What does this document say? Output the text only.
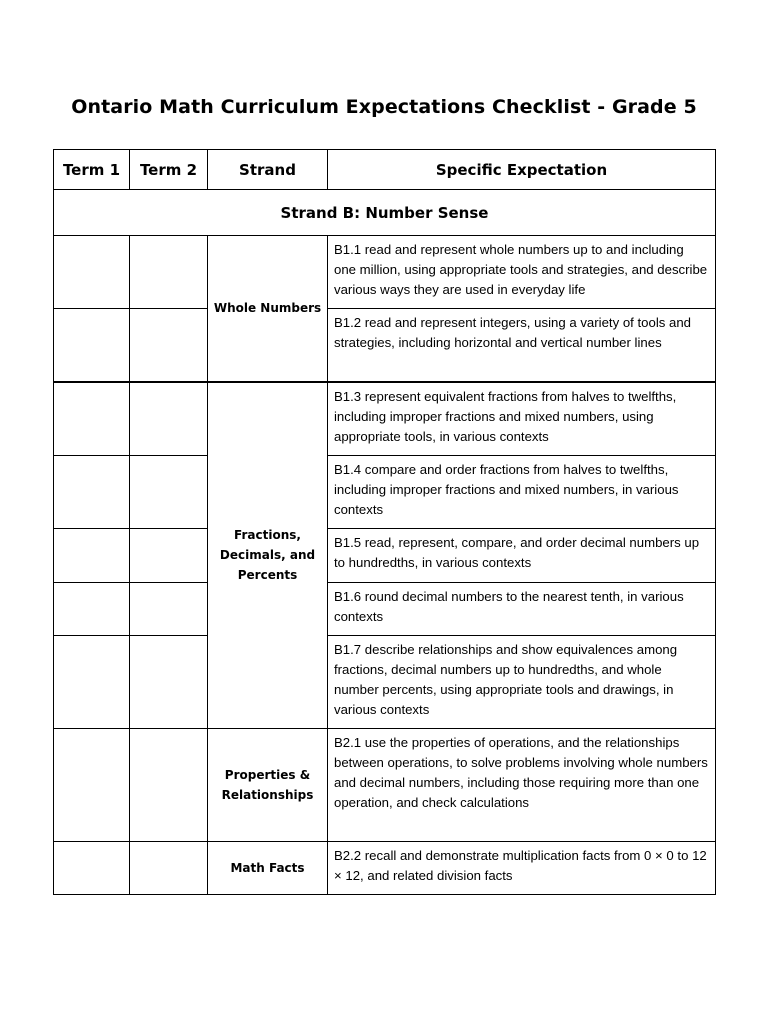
Ontario Math Curriculum Expectations Checklist - Grade 5
Term 1	Term 2	Strand	Specific Expectation
Strand B: Number Sense			
		Whole Numbers	B1.1 read and represent whole numbers up to and including one million, using appropriate tools and strategies, and describe various ways they are used in everyday life
			B1.2 read and represent integers, using a variety of tools and strategies, including horizontal and vertical number lines
		Fractions, Decimals, and Percents	B1.3 represent equivalent fractions from halves to twelfths, including improper fractions and mixed numbers, using appropriate tools, in various contexts
			B1.4 compare and order fractions from halves to twelfths, including improper fractions and mixed numbers, in various contexts
			B1.5 read, represent, compare, and order decimal numbers up to hundredths, in various contexts
			B1.6 round decimal numbers to the nearest tenth, in various contexts
			B1.7 describe relationships and show equivalences among fractions, decimal numbers up to hundredths, and whole number percents, using appropriate tools and drawings, in various contexts
		Properties & Relationships	B2.1 use the properties of operations, and the relationships between operations, to solve problems involving whole numbers and decimal numbers, including those requiring more than one operation, and check calculations
		Math Facts	B2.2 recall and demonstrate multiplication facts from 0 × 0 to 12 × 12, and related division facts
